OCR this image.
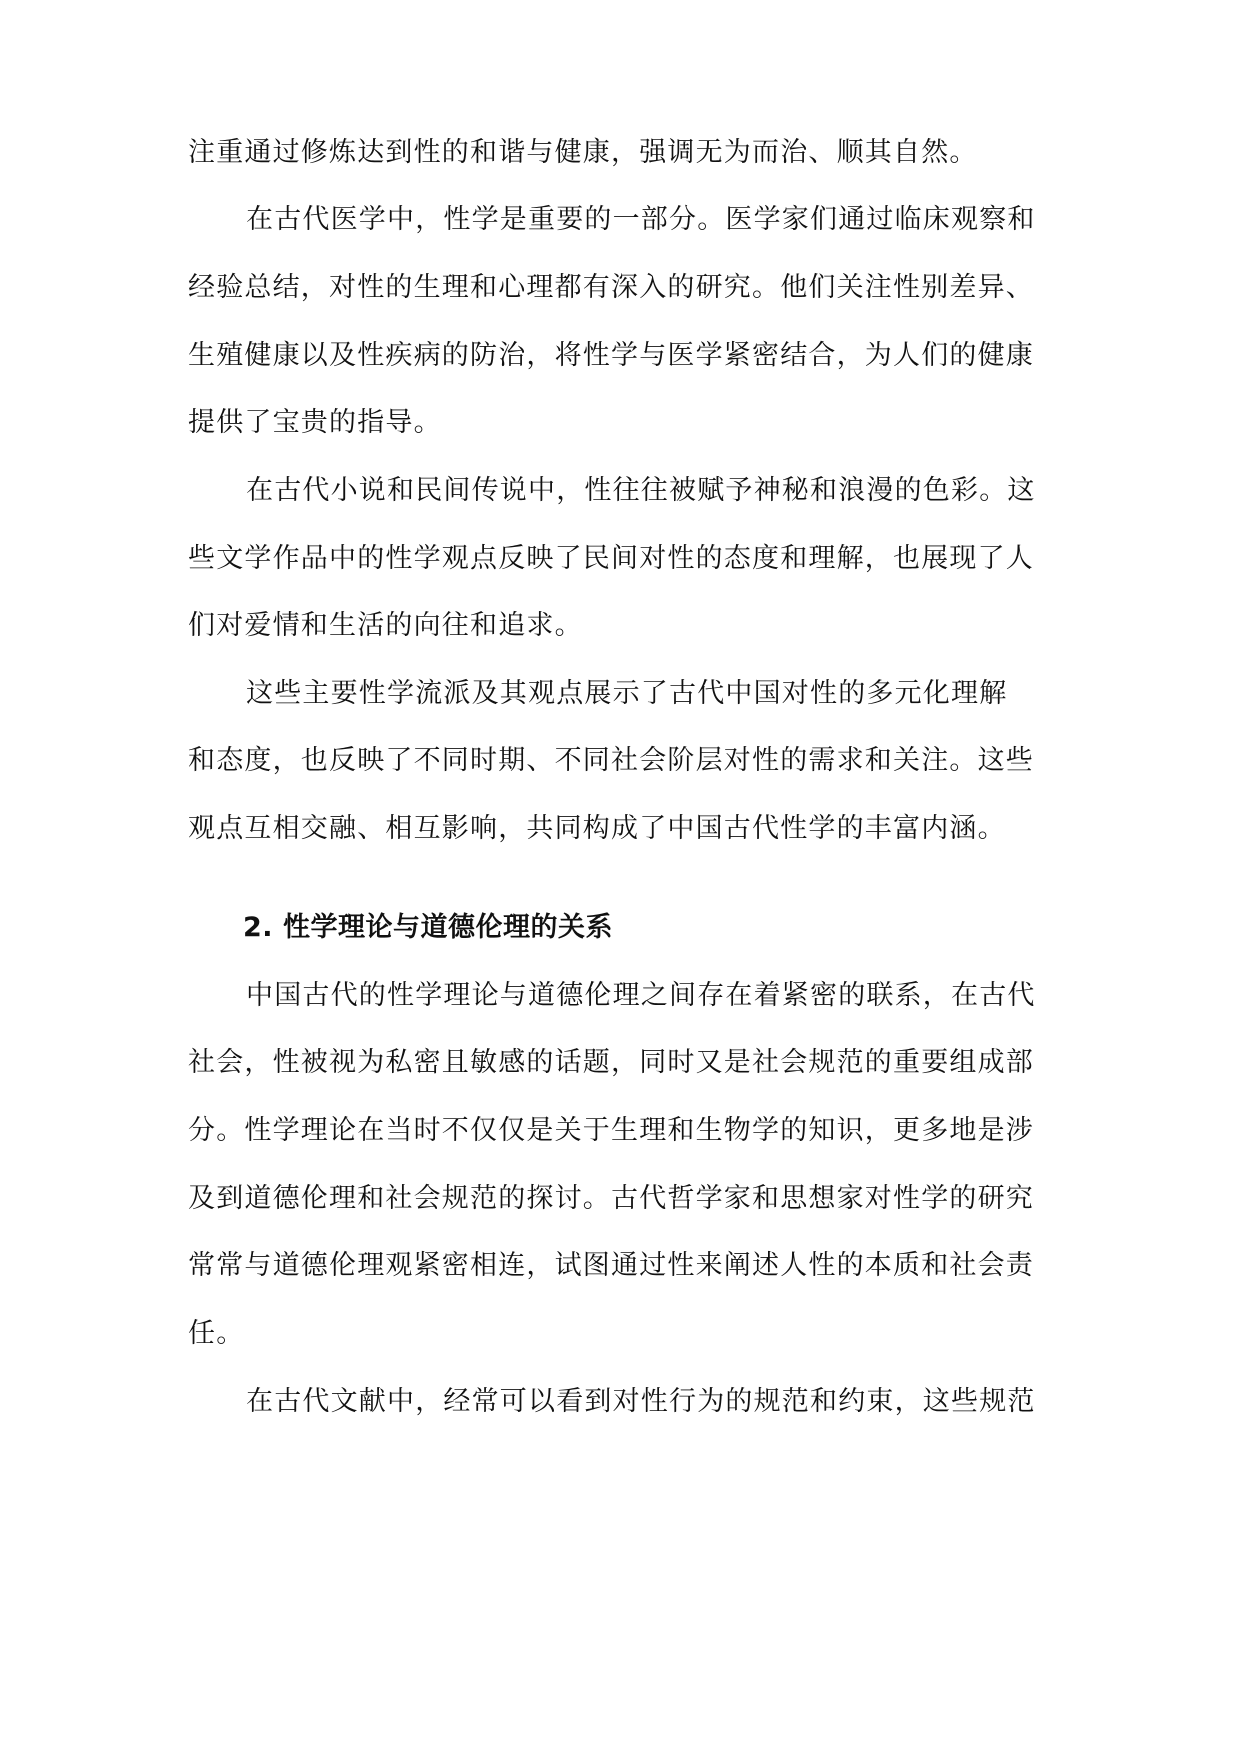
注重通过修炼达到性的和谐与健康，强调无为而治、顺其自然。
在古代医学中，性学是重要的一部分。医学家们通过临床观察和
经验总结，对性的生理和心理都有深入的研究。他们关注性别差异、
生殖健康以及性疾病的防治，将性学与医学紧密结合，为人们的健康
提供了宝贵的指导。
在古代小说和民间传说中，性往往被赋予神秘和浪漫的色彩。这
些文学作品中的性学观点反映了民间对性的态度和理解，也展现了人
们对爱情和生活的向往和追求。
这些主要性学流派及其观点展示了古代中国对性的多元化理解
和态度，也反映了不同时期、不同社会阶层对性的需求和关注。这些
观点互相交融、相互影响，共同构成了中国古代性学的丰富内涵。
2. 性学理论与道德伦理的关系
中国古代的性学理论与道德伦理之间存在着紧密的联系，在古代
社会，性被视为私密且敏感的话题，同时又是社会规范的重要组成部
分。性学理论在当时不仅仅是关于生理和生物学的知识，更多地是涉
及到道德伦理和社会规范的探讨。古代哲学家和思想家对性学的研究
常常与道德伦理观紧密相连，试图通过性来阐述人性的本质和社会责
任。
在古代文献中，经常可以看到对性行为的规范和约束，这些规范
